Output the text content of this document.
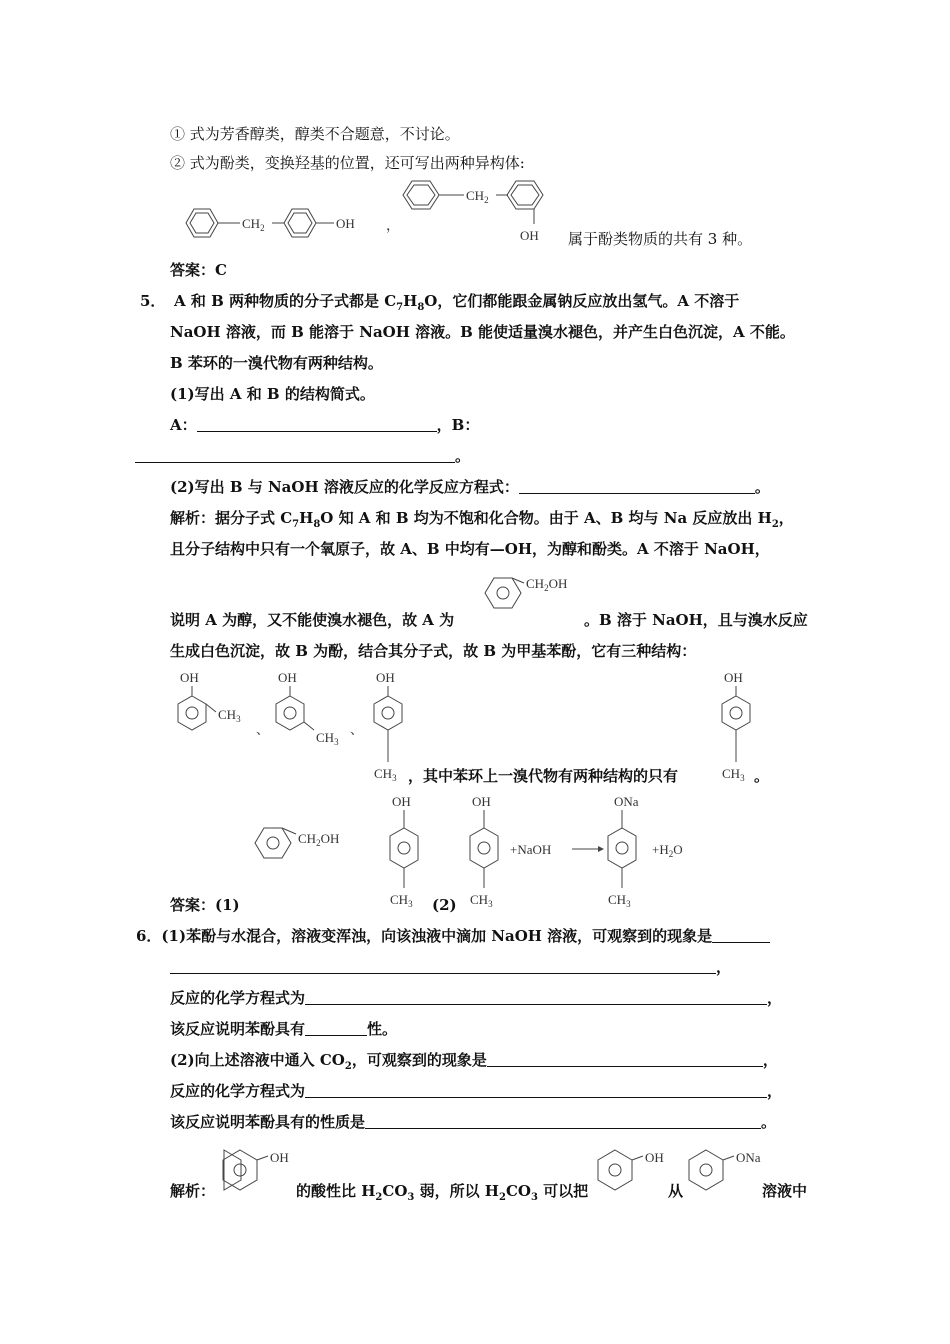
① 式为芳香醇类，醇类不合题意，不讨论。
② 式为酚类，变换羟基的位置，还可写出两种异构体:
属于酚类物质的共有 3 种。
答案：C
5． A 和 B 两种物质的分子式都是 $C_7H_8O$，它们都能跟金属钠反应放出氢气。A 不溶于
NaOH 溶液，而 B 能溶于 NaOH 溶液。B 能使适量溴水褪色，并产生白色沉淀，A 不能。
B 苯环的一溴代物有两种结构。
(1)写出 A 和 B 的结构简式。
A：	，B：
。
(2)写出 B 与 NaOH 溶液反应的化学反应方程式：	。
解析：据分子式 $C_7H_8O$ 知 A 和 B 均为不饱和化合物。由于 A、B 均与 Na 反应放出 $H_2$，
且分子结构中只有一个氧原子，故 A、B 中均有—OH，为醇和酚类。A 不溶于 NaOH，
说明 A 为醇，又不能使溴水褪色，故 A 为	。B 溶于 NaOH，且与溴水反应
生成白色沉淀，故 B 为酚，结合其分子式，故 B 为甲基苯酚，它有三种结构：
，其中苯环上一溴代物有两种结构的只有	。
答案：(1)	(2)
6．(1)苯酚与水混合，溶液变浑浊，向该浊液中滴加 NaOH 溶液，可观察到的现象是
，
反应的化学方程式为	，
该反应说明苯酚具有	性。
(2)向上述溶液中通入 $CO_2$，可观察到的现象是	，
反应的化学方程式为	，
该反应说明苯酚具有的性质是	。
解析：	的酸性比 $H_2CO_3$ 弱，所以 $H_2CO_3$ 可以把	从	溶液中
$CH_2$	OH ，
$CH_2$
OH
$CH_2OH$
OH
$CH_3$
、
OH
$CH_3$
、
OH
$CH_3$
OH
$CH_3$
$CH_2OH$
OH
$CH_3$
OH
$CH_3$
+NaOH
ONa
$CH_3$
$+H_2O$
OH	OH	ONa
